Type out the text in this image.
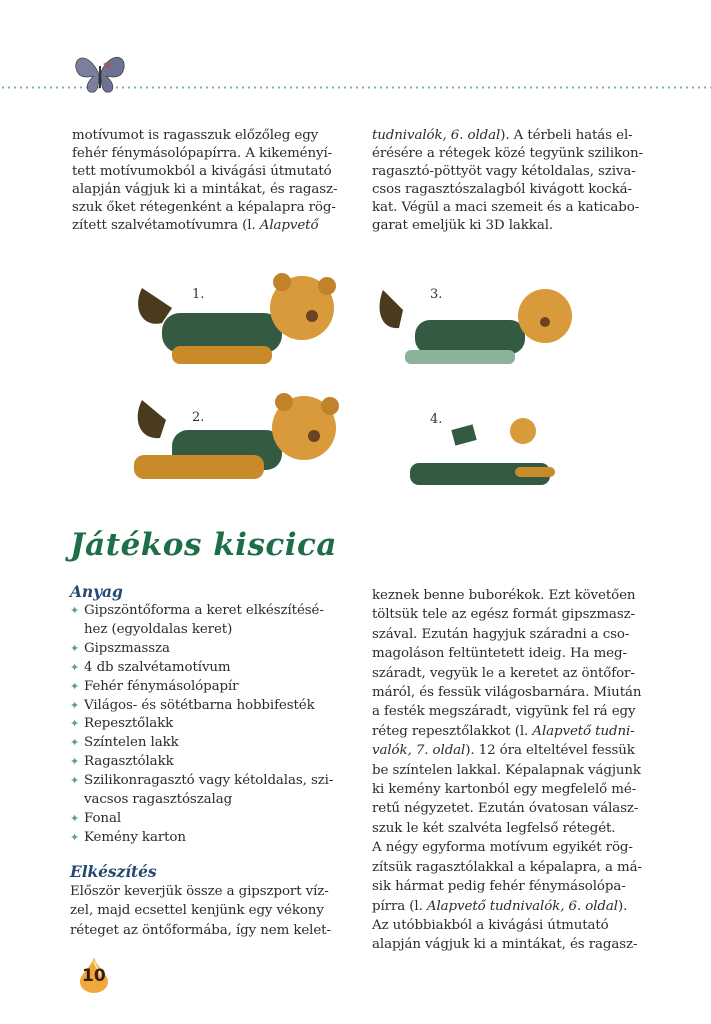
motívumot is ragasszuk előzőleg egy
fehér fénymásolópapírra. A kikeményí-
tett motívumokból a kivágási útmutató
alapján vágjuk ki a mintákat, és ragasz-
szuk őket rétegenként a képalapra rög-
zített szalvétamotívumra (l. Alapvető
tudnivalók, 6. oldal). A térbeli hatás el-
érésére a rétegek közé tegyünk szilikon-
ragasztó-pöttyöt vagy kétoldalas, sziva-
csos ragasztószalagból kivágott kocká-
kat. Végül a maci szemeit és a katicabo-
garat emeljük ki 3D lakkal.
1.
2.
3.
4.
Játékos kiscica
Anyag
✦ Gipszöntőforma a keret elkészítésé-
hez (egyoldalas keret)
✦ Gipszmassza
✦ 4 db szalvétamotívum
✦ Fehér fénymásolópapír
✦ Világos- és sötétbarna hobbifesték
✦ Repesztőlakk
✦ Színtelen lakk
✦ Ragasztólakk
✦ Szilikonragasztó vagy kétoldalas, szi-
vacsos ragasztószalag
✦ Fonal
✦ Kemény karton
Elkészítés
Először keverjük össze a gipszport víz-
zel, majd ecsettel kenjünk egy vékony
réteget az öntőformába, így nem kelet-
keznek benne buborékok. Ezt követően
töltsük tele az egész formát gipszmasz-
szával. Ezután hagyjuk száradni a cso-
magoláson feltüntetett ideig. Ha meg-
száradt, vegyük le a keretet az öntőfor-
máról, és fessük világosbarnára. Miután
a festék megszáradt, vigyünk fel rá egy
réteg repesztőlakkot (l. Alapvető tudni-
valók, 7. oldal). 12 óra elteltével fessük
be színtelen lakkal. Képalapnak vágjunk
ki kemény kartonból egy megfelelő mé-
retű négyzetet. Ezután óvatosan válasz-
szuk le két szalvéta legfelső rétegét.
A négy egyforma motívum egyikét rög-
zítsük ragasztólakkal a képalapra, a má-
sik hármat pedig fehér fénymásolópa-
pírra (l. Alapvető tudnivalók, 6. oldal).
Az utóbbiakból a kivágási útmutató
alapján vágjuk ki a mintákat, és ragasz-
10
